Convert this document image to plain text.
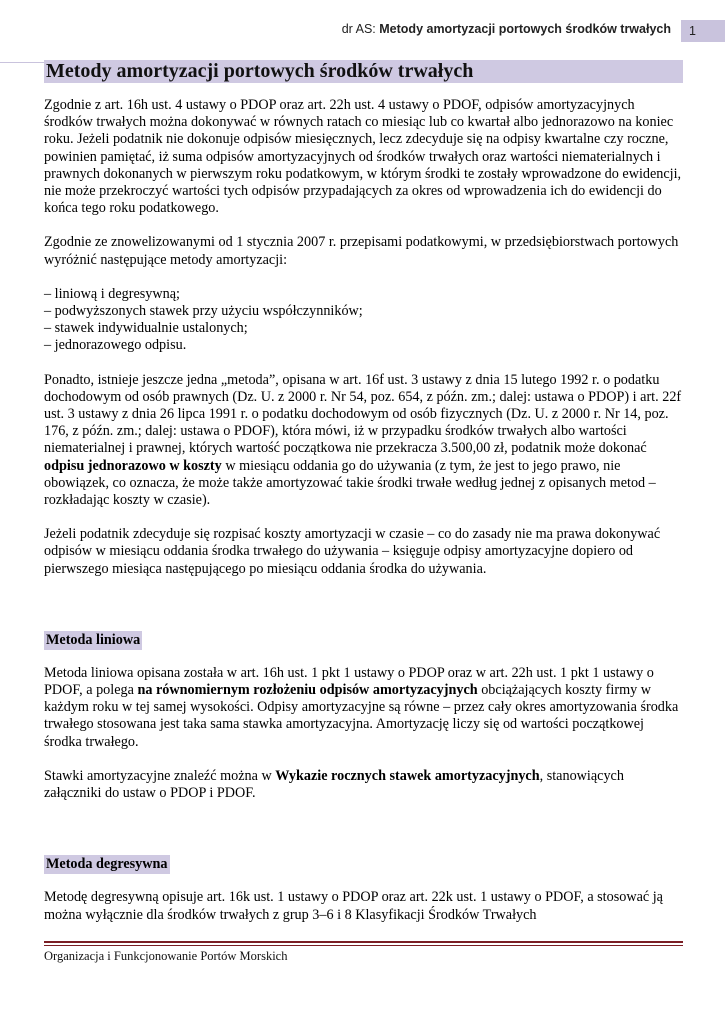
dr AS: Metody amortyzacji portowych środków trwałych	1
Metody amortyzacji portowych środków trwałych

Zgodnie z art. 16h ust. 4 ustawy o PDOP oraz art. 22h ust. 4 ustawy o PDOF, odpisów amortyzacyjnych środków trwałych można dokonywać w równych ratach co miesiąc lub co kwartał albo jednorazowo na koniec roku. Jeżeli podatnik nie dokonuje odpisów miesięcznych, lecz zdecyduje się na odpisy kwartalne czy roczne, powinien pamiętać, iż suma odpisów amortyzacyjnych od środków trwałych oraz wartości niematerialnych i prawnych dokonanych w pierwszym roku podatkowym, w którym środki te zostały wprowadzone do ewidencji, nie może przekroczyć wartości tych odpisów przypadających za okres od wprowadzenia ich do ewidencji do końca tego roku podatkowego.

Zgodnie ze znowelizowanymi od 1 stycznia 2007 r. przepisami podatkowymi, w przedsiębiorstwach portowych wyróżnić następujące metody amortyzacji:

– liniową i degresywną;
– podwyższonych stawek przy użyciu współczynników;
– stawek indywidualnie ustalonych;
– jednorazowego odpisu.

Ponadto, istnieje jeszcze jedna „metoda”, opisana w art. 16f ust. 3 ustawy z dnia 15 lutego 1992 r. o podatku dochodowym od osób prawnych (Dz. U. z 2000 r. Nr 54, poz. 654, z późn. zm.; dalej: ustawa o PDOP) i art. 22f ust. 3 ustawy z dnia 26 lipca 1991 r. o podatku dochodowym od osób fizycznych (Dz. U. z 2000 r. Nr 14, poz. 176, z późn. zm.; dalej: ustawa o PDOF), która mówi, iż w przypadku środków trwałych albo wartości niematerialnej i prawnej, których wartość początkowa nie przekracza 3.500,00 zł, podatnik może dokonać odpisu jednorazowo w koszty w miesiącu oddania go do używania (z tym, że jest to jego prawo, nie obowiązek, co oznacza, że może także amortyzować takie środki trwałe według jednej z opisanych metod – rozkładając koszty w czasie).

Jeżeli podatnik zdecyduje się rozpisać koszty amortyzacji w czasie – co do zasady nie ma prawa dokonywać odpisów w miesiącu oddania środka trwałego do używania – księguje odpisy amortyzacyjne dopiero od pierwszego miesiąca następującego po miesiącu oddania środka do używania.

Metoda liniowa

Metoda liniowa opisana została w art. 16h ust. 1 pkt 1 ustawy o PDOP oraz w art. 22h ust. 1 pkt 1 ustawy o PDOF, a polega na równomiernym rozłożeniu odpisów amortyzacyjnych obciążających koszty firmy w każdym roku w tej samej wysokości. Odpisy amortyzacyjne są równe – przez cały okres amortyzowania środka trwałego stosowana jest taka sama stawka amortyzacyjna. Amortyzację liczy się od wartości początkowej środka trwałego.

Stawki amortyzacyjne znaleźć można w Wykazie rocznych stawek amortyzacyjnych, stanowiących załączniki do ustaw o PDOP i PDOF.

Metoda degresywna

Metodę degresywną opisuje art. 16k ust. 1 ustawy o PDOP oraz art. 22k ust. 1 ustawy o PDOF, a stosować ją można wyłącznie dla środków trwałych z grup 3–6 i 8 Klasyfikacji Środków Trwałych

Organizacja i Funkcjonowanie Portów Morskich
